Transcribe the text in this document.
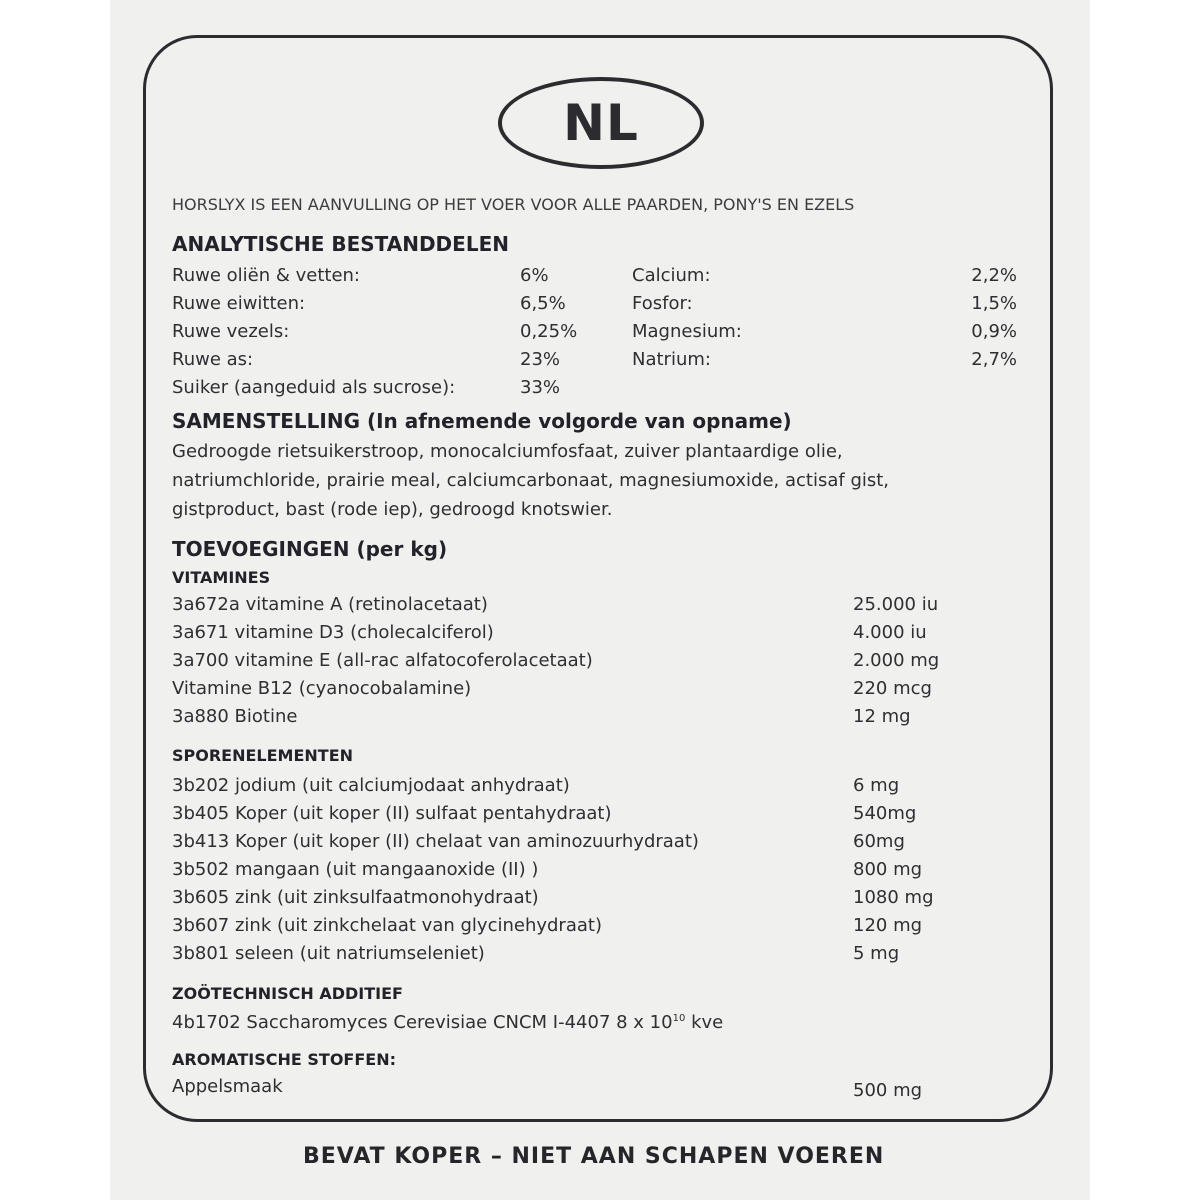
NL
HORSLYX IS EEN AANVULLING OP HET VOER VOOR ALLE PAARDEN, PONY'S EN EZELS
ANALYTISCHE BESTANDDELEN
Ruwe oliën & vetten:	6%
Ruwe eiwitten:	6,5%
Ruwe vezels:	0,25%
Ruwe as:	23%
Suiker (aangeduid als sucrose):	33%
Calcium:	2,2%
Fosfor:	1,5%
Magnesium:	0,9%
Natrium:	2,7%
SAMENSTELLING (In afnemende volgorde van opname)
Gedroogde rietsuikerstroop, monocalciumfosfaat, zuiver plantaardige olie,
natriumchloride, prairie meal, calciumcarbonaat, magnesiumoxide, actisaf gist,
gistproduct, bast (rode iep), gedroogd knotswier.
TOEVOEGINGEN (per kg)
VITAMINES
3a672a vitamine A (retinolacetaat)	25.000 iu
3a671 vitamine D3 (cholecalciferol)	4.000 iu
3a700 vitamine E (all-rac alfatocoferolacetaat)	2.000 mg
Vitamine B12 (cyanocobalamine)	220 mcg
3a880 Biotine	12 mg
SPORENELEMENTEN
3b202 jodium (uit calciumjodaat anhydraat)	6 mg
3b405 Koper (uit koper (II) sulfaat pentahydraat)	540mg
3b413 Koper (uit koper (II) chelaat van aminozuurhydraat)	60mg
3b502 mangaan (uit mangaanoxide (II) )	800 mg
3b605 zink (uit zinksulfaatmonohydraat)	1080 mg
3b607 zink (uit zinkchelaat van glycinehydraat)	120 mg
3b801 seleen (uit natriumseleniet)	5 mg
ZOÖTECHNISCH ADDITIEF
4b1702 Saccharomyces Cerevisiae CNCM I-4407 8 x $10^{10}$ kve
AROMATISCHE STOFFEN:
Appelsmaak	500 mg
BEVAT KOPER – NIET AAN SCHAPEN VOEREN
